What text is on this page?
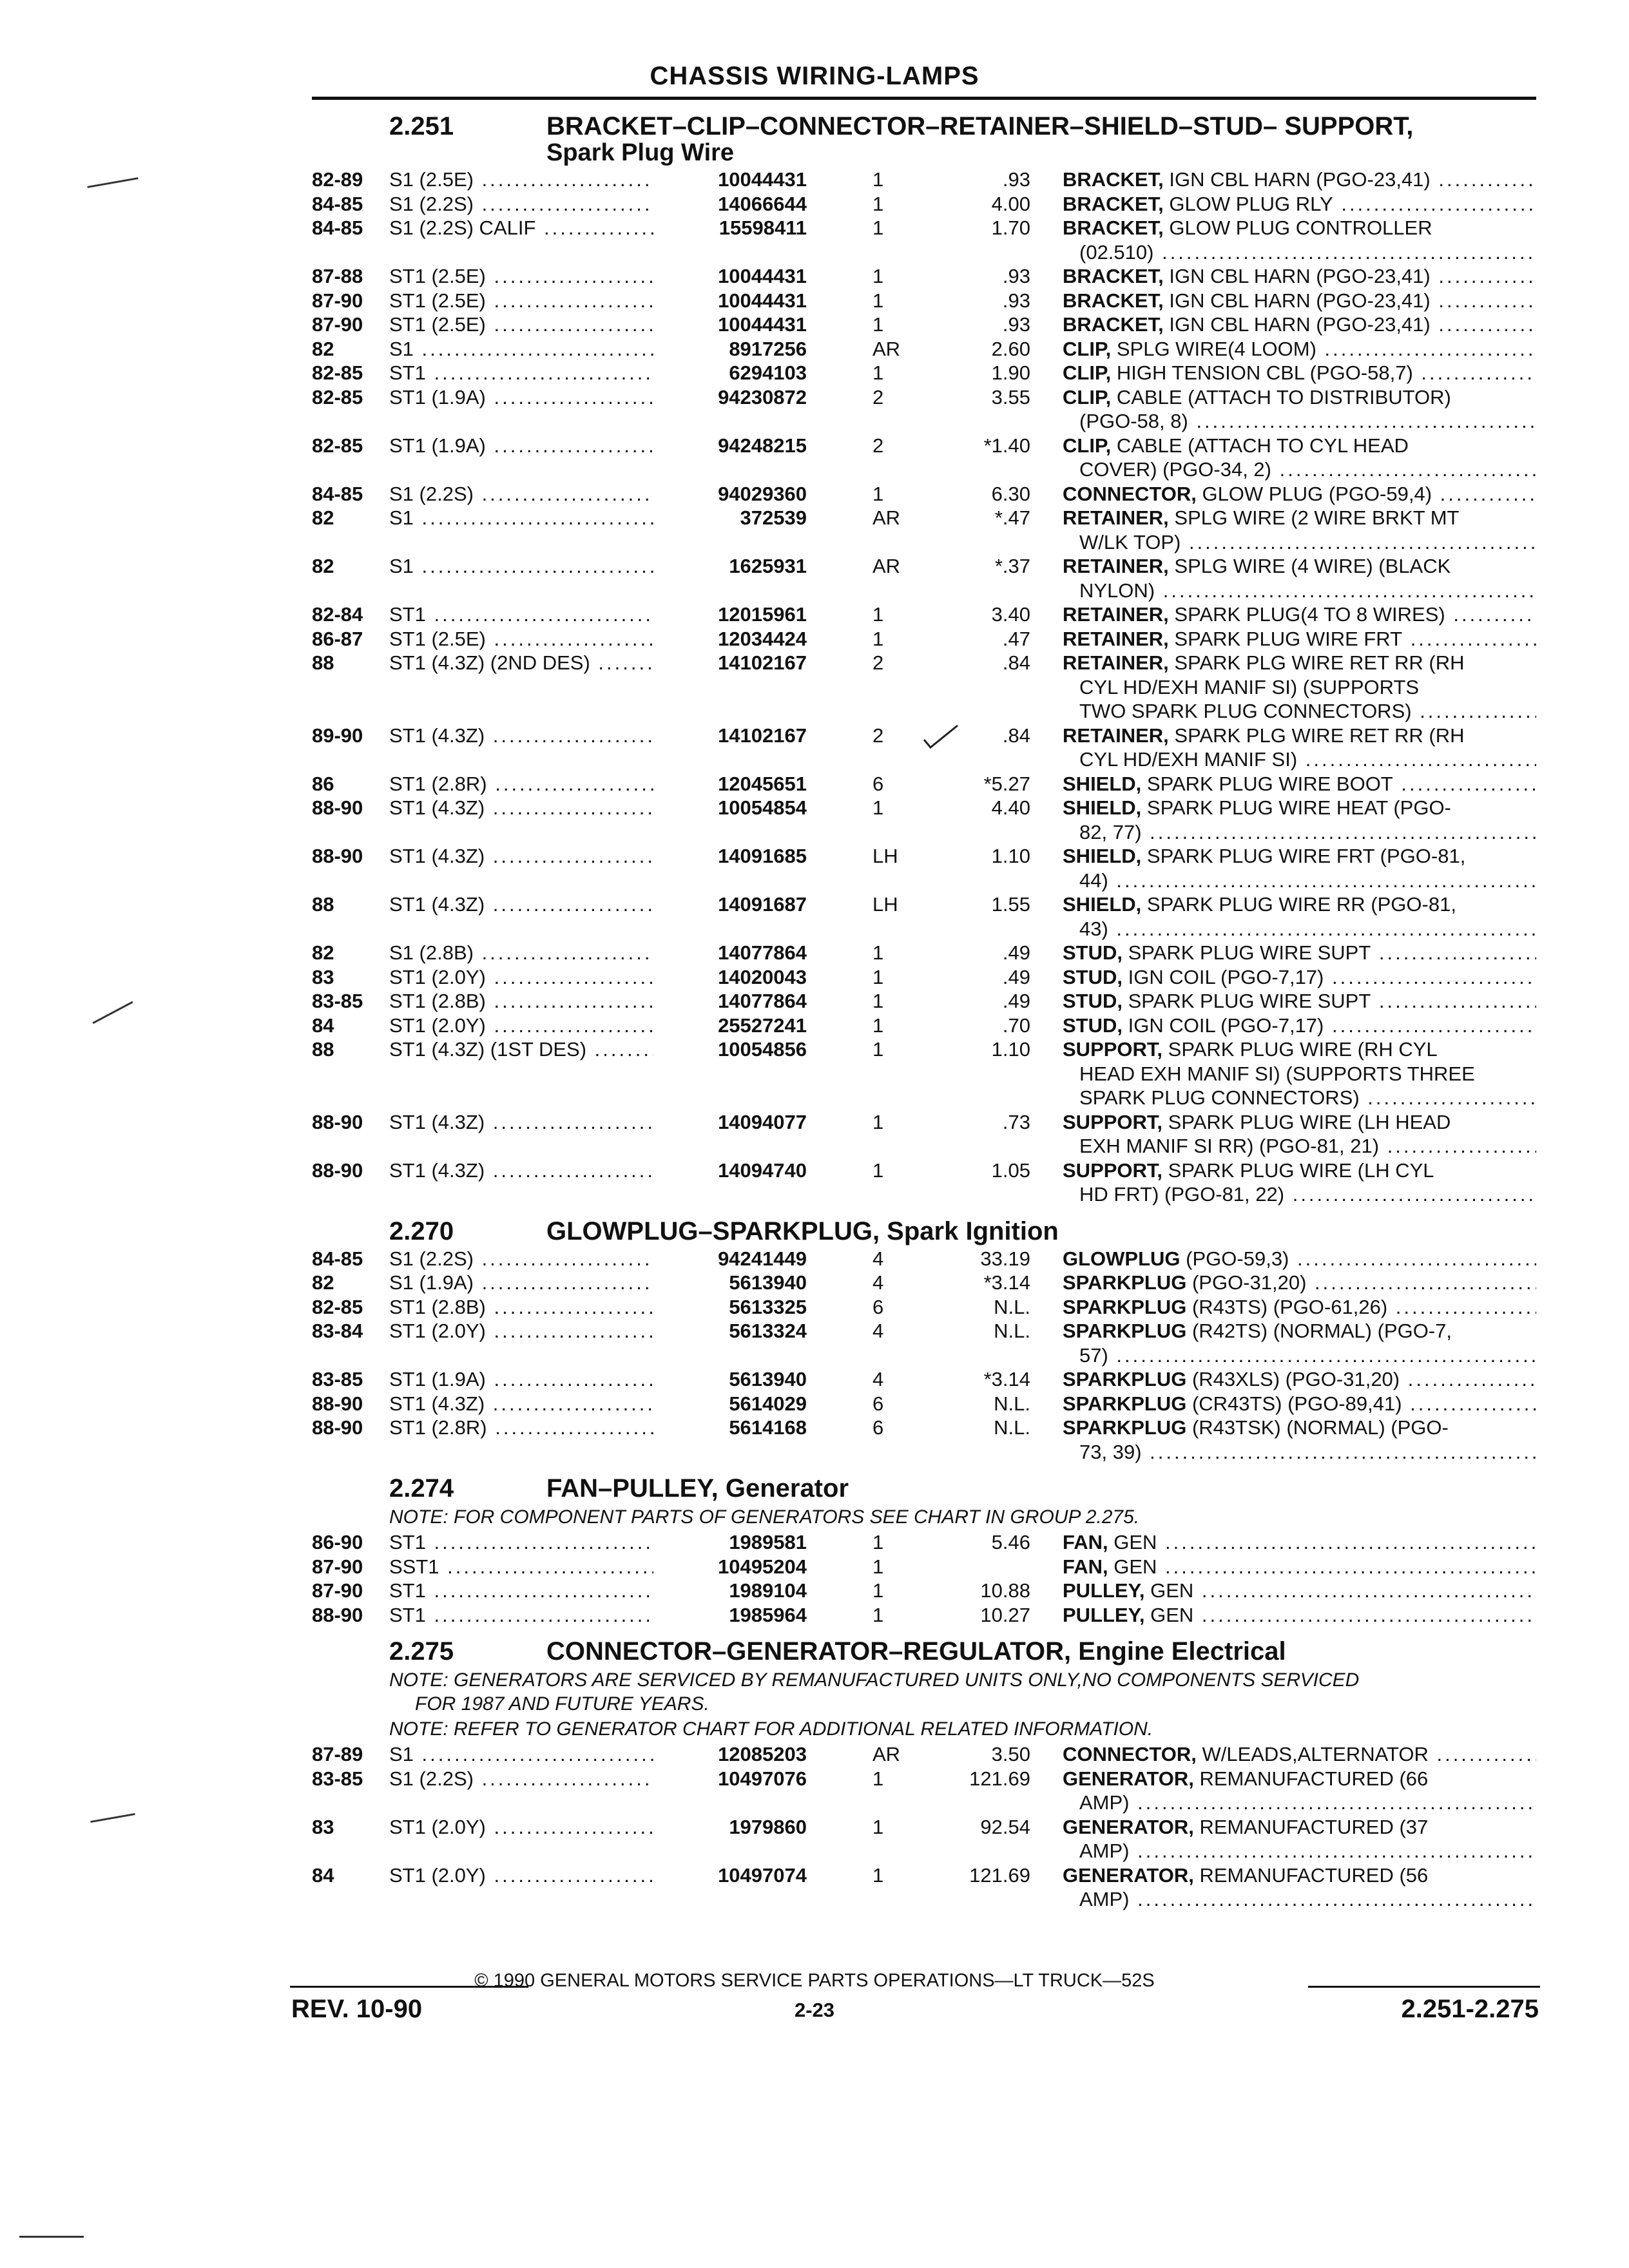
CHASSIS WIRING-LAMPS
2.251	BRACKET–CLIP–CONNECTOR–RETAINER–SHIELD–STUD– SUPPORT,
Spark Plug Wire
82-89 S1 (2.5E) .....	10044431	1	.93 BRACKET, IGN CBL HARN (PGO-23,41) .....
84-85 S1 (2.2S) .....	14066644	1	4.00 BRACKET, GLOW PLUG RLY .....
84-85 S1 (2.2S) CALIF .....	15598411	1	1.70 BRACKET, GLOW PLUG CONTROLLER
(02.510) .....
87-88 ST1 (2.5E) .....	10044431	1	.93 BRACKET, IGN CBL HARN (PGO-23,41) .....
87-90 ST1 (2.5E) .....	10044431	1	.93 BRACKET, IGN CBL HARN (PGO-23,41) .....
87-90 ST1 (2.5E) .....	10044431	1	.93 BRACKET, IGN CBL HARN (PGO-23,41) .....
82	S1 .....	8917256	AR	2.60 CLIP, SPLG WIRE(4 LOOM) .....
82-85 ST1 .....	6294103	1	1.90 CLIP, HIGH TENSION CBL (PGO-58,7) .....
82-85 ST1 (1.9A) .....	94230872	2	3.55 CLIP, CABLE (ATTACH TO DISTRIBUTOR)
(PGO-58, 8) .....
82-85 ST1 (1.9A) .....	94248215	2	*1.40 CLIP, CABLE (ATTACH TO CYL HEAD
COVER) (PGO-34, 2) .....
84-85 S1 (2.2S) .....	94029360	1	6.30 CONNECTOR, GLOW PLUG (PGO-59,4) .....
82	S1 .....	372539	AR	*.47 RETAINER, SPLG WIRE (2 WIRE BRKT MT
W/LK TOP) .....
82	S1 .....	1625931	AR	*.37 RETAINER, SPLG WIRE (4 WIRE) (BLACK
NYLON) .....
82-84 ST1 .....	12015961	1	3.40 RETAINER, SPARK PLUG(4 TO 8 WIRES) .....
86-87 ST1 (2.5E) .....	12034424	1	.47 RETAINER, SPARK PLUG WIRE FRT .....
88	ST1 (4.3Z) (2ND DES) .....	14102167	2	.84 RETAINER, SPARK PLG WIRE RET RR (RH
CYL HD/EXH MANIF SI) (SUPPORTS
TWO SPARK PLUG CONNECTORS) .....
89-90 ST1 (4.3Z) .....	14102167	2	.84 RETAINER, SPARK PLG WIRE RET RR (RH
CYL HD/EXH MANIF SI) .....
86	ST1 (2.8R) .....	12045651	6	*5.27 SHIELD, SPARK PLUG WIRE BOOT .....
88-90 ST1 (4.3Z) .....	10054854	1	4.40 SHIELD, SPARK PLUG WIRE HEAT (PGO-
82, 77) .....
88-90 ST1 (4.3Z) .....	14091685	LH	1.10 SHIELD, SPARK PLUG WIRE FRT (PGO-81,
44) .....
88	ST1 (4.3Z) .....	14091687	LH	1.55 SHIELD, SPARK PLUG WIRE RR (PGO-81,
43) .....
82	S1 (2.8B) .....	14077864	1	.49 STUD, SPARK PLUG WIRE SUPT .....
83	ST1 (2.0Y) .....	14020043	1	.49 STUD, IGN COIL (PGO-7,17) .....
83-85 ST1 (2.8B) .....	14077864	1	.49 STUD, SPARK PLUG WIRE SUPT .....
84	ST1 (2.0Y) .....	25527241	1	.70 STUD, IGN COIL (PGO-7,17) .....
88	ST1 (4.3Z) (1ST DES) .....	10054856	1	1.10 SUPPORT, SPARK PLUG WIRE (RH CYL
HEAD EXH MANIF SI) (SUPPORTS THREE
SPARK PLUG CONNECTORS) .....
88-90 ST1 (4.3Z) .....	14094077	1	.73 SUPPORT, SPARK PLUG WIRE (LH HEAD
EXH MANIF SI RR) (PGO-81, 21) .....
88-90 ST1 (4.3Z) .....	14094740	1	1.05 SUPPORT, SPARK PLUG WIRE (LH CYL
HD FRT) (PGO-81, 22) .....
2.270	GLOWPLUG–SPARKPLUG, Spark Ignition
84-85 S1 (2.2S) .....	94241449	4	33.19 GLOWPLUG (PGO-59,3) .....
82	S1 (1.9A) .....	5613940	4	*3.14 SPARKPLUG (PGO-31,20) .....
82-85 ST1 (2.8B) .....	5613325	6	N.L. SPARKPLUG (R43TS) (PGO-61,26) .....
83-84 ST1 (2.0Y) .....	5613324	4	N.L. SPARKPLUG (R42TS) (NORMAL) (PGO-7,
57) .....
83-85 ST1 (1.9A) .....	5613940	4	*3.14 SPARKPLUG (R43XLS) (PGO-31,20) .....
88-90 ST1 (4.3Z) .....	5614029	6	N.L. SPARKPLUG (CR43TS) (PGO-89,41) .....
88-90 ST1 (2.8R) .....	5614168	6	N.L. SPARKPLUG (R43TSK) (NORMAL) (PGO-
73, 39) .....
2.274	FAN–PULLEY, Generator
NOTE: FOR COMPONENT PARTS OF GENERATORS SEE CHART IN GROUP 2.275.
86-90 ST1 .....	1989581	1	5.46 FAN, GEN .....
87-90 SST1 .....	10495204	1	FAN, GEN .....
87-90 ST1 .....	1989104	1	10.88 PULLEY, GEN .....
88-90 ST1 .....	1985964	1	10.27 PULLEY, GEN .....
2.275	CONNECTOR–GENERATOR–REGULATOR, Engine Electrical
NOTE: GENERATORS ARE SERVICED BY REMANUFACTURED UNITS ONLY,NO COMPONENTS SERVICED
FOR 1987 AND FUTURE YEARS.
NOTE: REFER TO GENERATOR CHART FOR ADDITIONAL RELATED INFORMATION.
87-89 S1 .....	12085203	AR	3.50 CONNECTOR, W/LEADS,ALTERNATOR .....
83-85 S1 (2.2S) .....	10497076	1	121.69 GENERATOR, REMANUFACTURED (66
AMP) .....
83	ST1 (2.0Y) .....	1979860	1	92.54 GENERATOR, REMANUFACTURED (37
AMP) .....
84	ST1 (2.0Y) .....	10497074	1	121.69 GENERATOR, REMANUFACTURED (56
AMP) .....
© 1990 GENERAL MOTORS SERVICE PARTS OPERATIONS—LT TRUCK—52S
REV. 10-90	2-23	2.251-2.275
